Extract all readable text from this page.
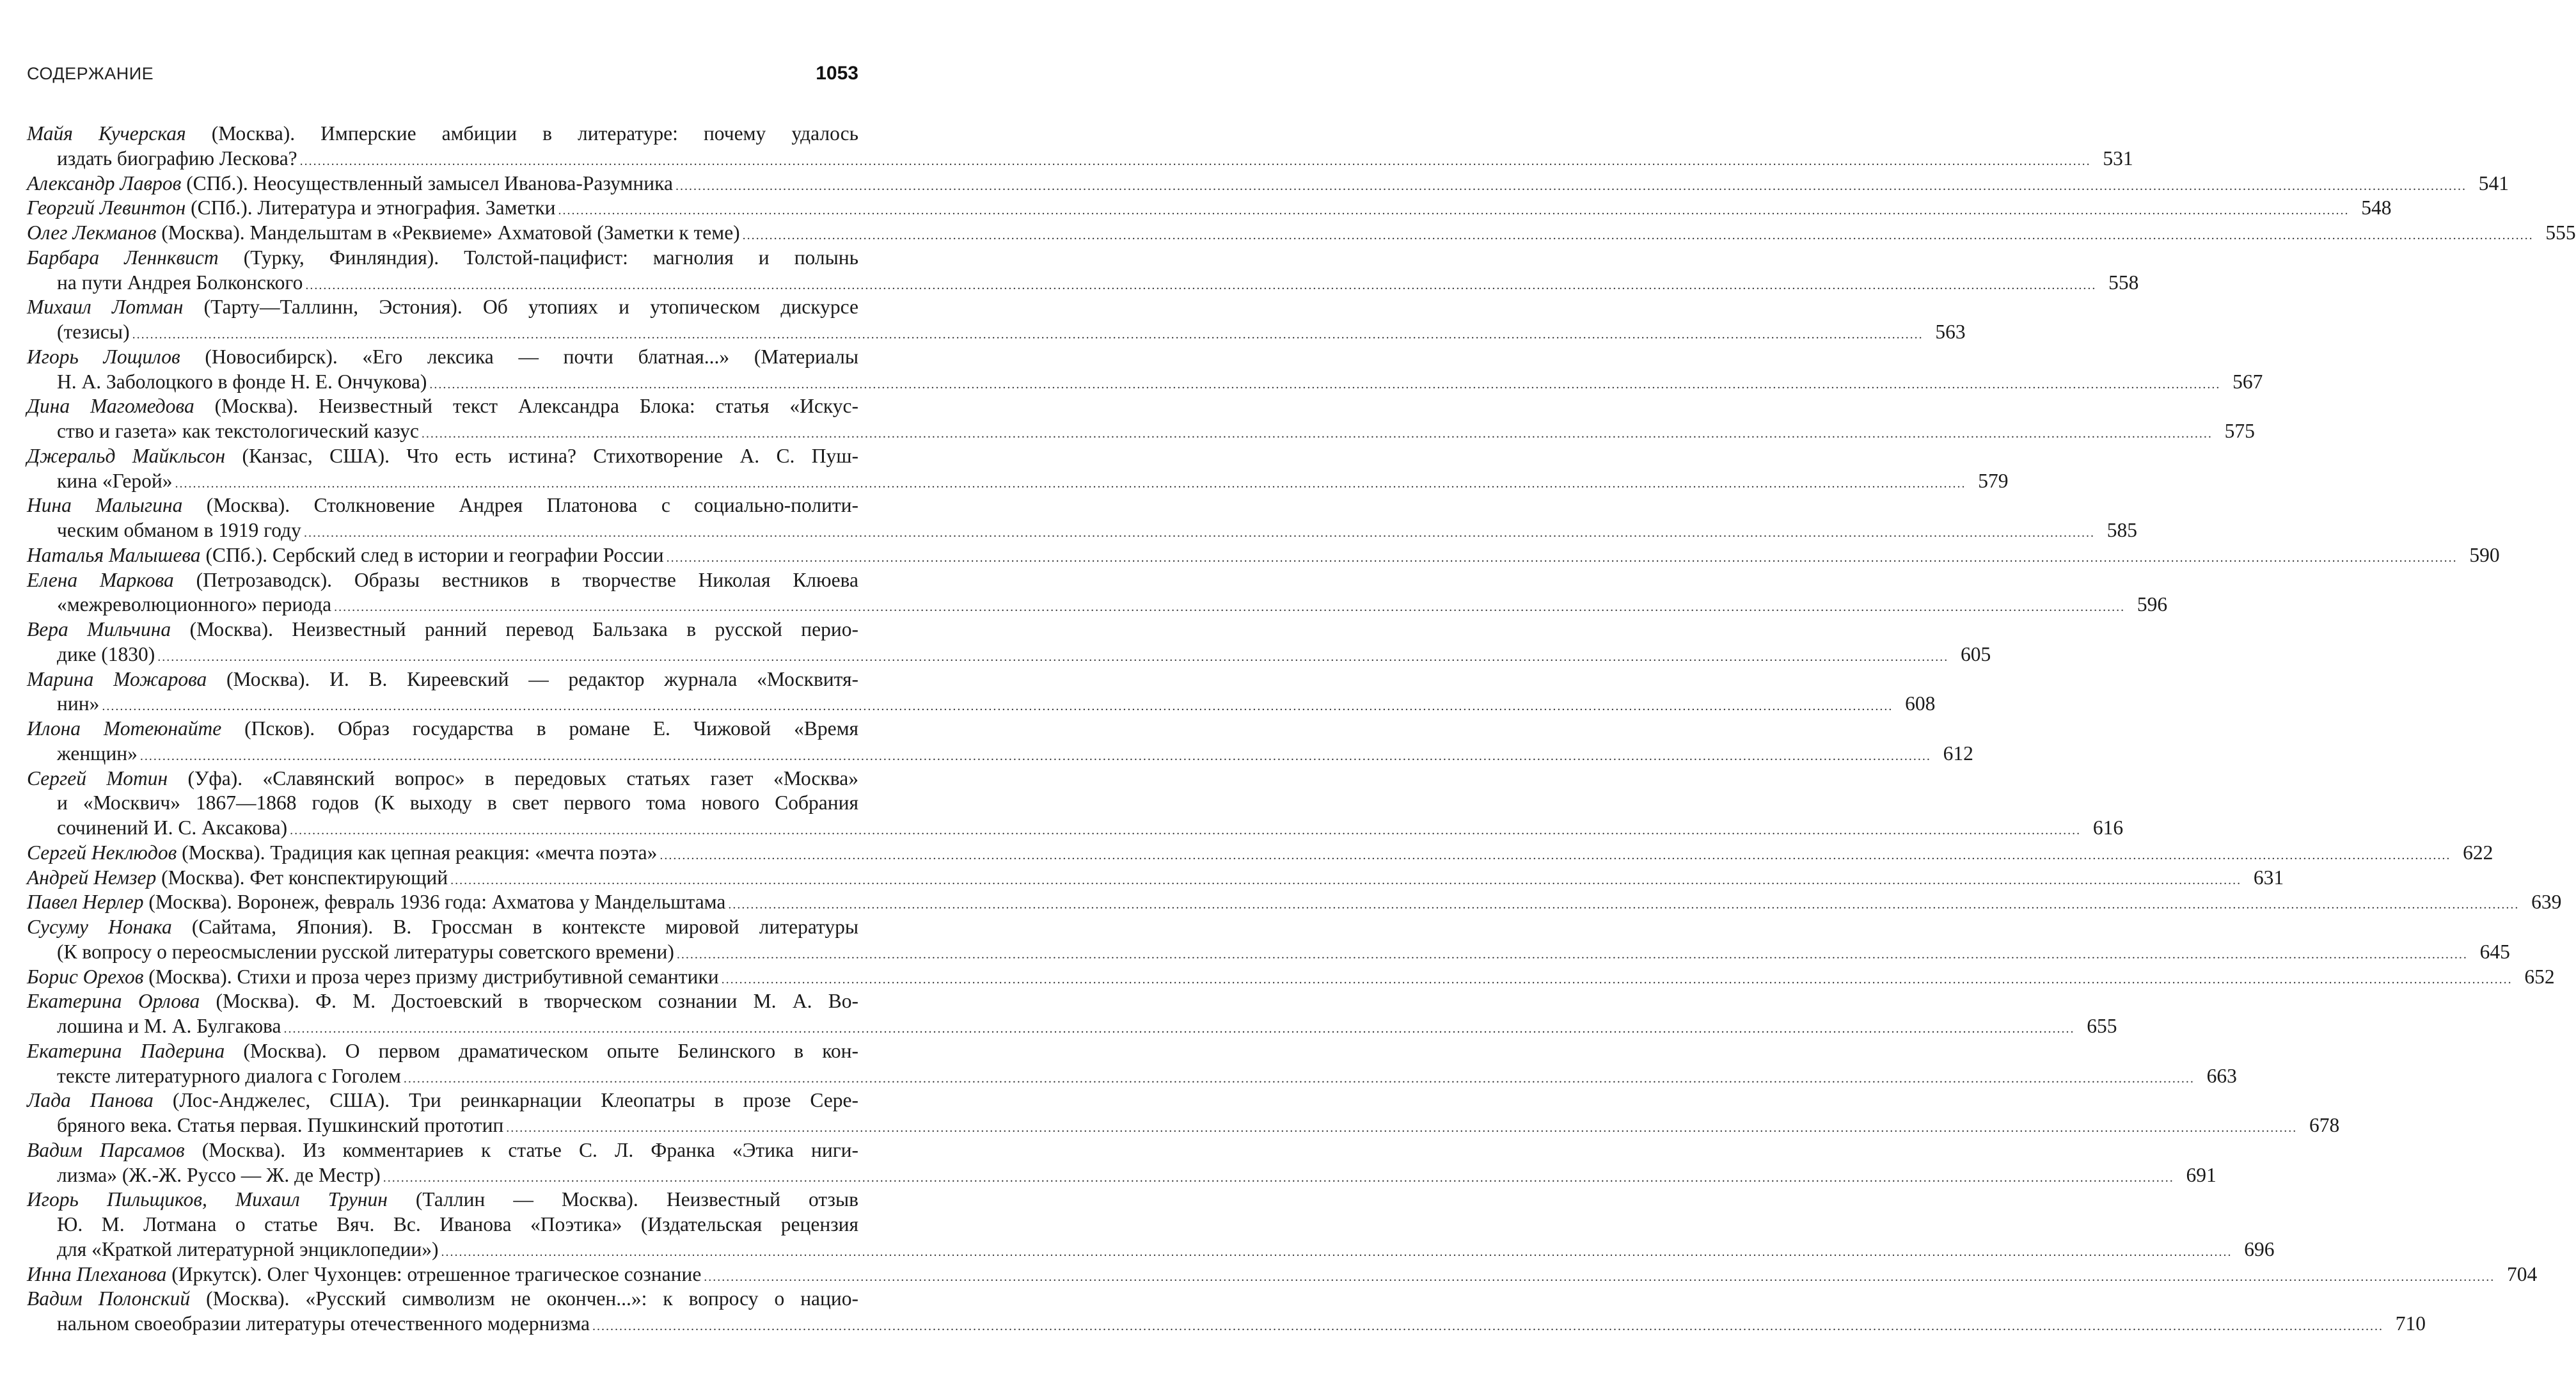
СОДЕРЖАНИЕ	1053
Майя Кучерская (Москва). Имперские амбиции в литературе: почему удалось
издать биографию Лескова? ................................................................................................................................................................................................................................................................................................................................................................................................................ 531
Александр Лавров (СПб.). Неосуществленный замысел Иванова-Разумника ................................................................................................................................................................................................................................................................................................................................................................................................................ 541
Георгий Левинтон (СПб.). Литература и этнография. Заметки ................................................................................................................................................................................................................................................................................................................................................................................................................ 548
Олег Лекманов (Москва). Мандельштам в «Реквиеме» Ахматовой (Заметки к теме) ................................................................................................................................................................................................................................................................................................................................................................................................................ 555
Барбара Леннквист (Турку, Финляндия). Толстой-пацифист: магнолия и полынь
на пути Андрея Болконского ................................................................................................................................................................................................................................................................................................................................................................................................................ 558
Михаил Лотман (Тарту—Таллинн, Эстония). Об утопиях и утопическом дискурсе
(тезисы) ................................................................................................................................................................................................................................................................................................................................................................................................................ 563
Игорь Лощилов (Новосибирск). «Его лексика — почти блатная...» (Материалы
Н. А. Заболоцкого в фонде Н. Е. Ончукова) ................................................................................................................................................................................................................................................................................................................................................................................................................ 567
Дина Магомедова (Москва). Неизвестный текст Александра Блока: статья «Искус-
ство и газета» как текстологический казус ................................................................................................................................................................................................................................................................................................................................................................................................................ 575
Джеральд Майкльсон (Канзас, США). Что есть истина? Стихотворение А. С. Пуш-
кина «Герой» ................................................................................................................................................................................................................................................................................................................................................................................................................ 579
Нина Малыгина (Москва). Столкновение Андрея Платонова с социально-полити-
ческим обманом в 1919 году ................................................................................................................................................................................................................................................................................................................................................................................................................ 585
Наталья Малышева (СПб.). Сербский след в истории и географии России ................................................................................................................................................................................................................................................................................................................................................................................................................ 590
Елена Маркова (Петрозаводск). Образы вестников в творчестве Николая Клюева
«межреволюционного» периода ................................................................................................................................................................................................................................................................................................................................................................................................................ 596
Вера Мильчина (Москва). Неизвестный ранний перевод Бальзака в русской перио-
дике (1830) ................................................................................................................................................................................................................................................................................................................................................................................................................ 605
Марина Можарова (Москва). И. В. Киреевский — редактор журнала «Москвитя-
нин» ................................................................................................................................................................................................................................................................................................................................................................................................................ 608
Илона Мотеюнайте (Псков). Образ государства в романе Е. Чижовой «Время
женщин» ................................................................................................................................................................................................................................................................................................................................................................................................................ 612
Сергей Мотин (Уфа). «Славянский вопрос» в передовых статьях газет «Москва»
и «Москвич» 1867—1868 годов (К выходу в свет первого тома нового Собрания
сочинений И. С. Аксакова) ................................................................................................................................................................................................................................................................................................................................................................................................................ 616
Сергей Неклюдов (Москва). Традиция как цепная реакция: «мечта поэта» ................................................................................................................................................................................................................................................................................................................................................................................................................ 622
Андрей Немзер (Москва). Фет конспектирующий ................................................................................................................................................................................................................................................................................................................................................................................................................ 631
Павел Нерлер (Москва). Воронеж, февраль 1936 года: Ахматова у Мандельштама ................................................................................................................................................................................................................................................................................................................................................................................................................ 639
Сусуму Нонака (Сайтама, Япония). В. Гроссман в контексте мировой литературы
(К вопросу о переосмыслении русской литературы советского времени) ................................................................................................................................................................................................................................................................................................................................................................................................................ 645
Борис Орехов (Москва). Стихи и проза через призму дистрибутивной семантики ................................................................................................................................................................................................................................................................................................................................................................................................................ 652
Екатерина Орлова (Москва). Ф. М. Достоевский в творческом сознании М. А. Во-
лошина и М. А. Булгакова ................................................................................................................................................................................................................................................................................................................................................................................................................ 655
Екатерина Падерина (Москва). О первом драматическом опыте Белинского в кон-
тексте литературного диалога с Гоголем ................................................................................................................................................................................................................................................................................................................................................................................................................ 663
Лада Панова (Лос-Анджелес, США). Три реинкарнации Клеопатры в прозе Сере-
бряного века. Статья первая. Пушкинский прототип ................................................................................................................................................................................................................................................................................................................................................................................................................ 678
Вадим Парсамов (Москва). Из комментариев к статье С. Л. Франка «Этика ниги-
лизма» (Ж.-Ж. Руссо — Ж. де Местр) ................................................................................................................................................................................................................................................................................................................................................................................................................ 691
Игорь Пильщиков, Михаил Трунин (Таллин — Москва). Неизвестный отзыв
Ю. М. Лотмана о статье Вяч. Вс. Иванова «Поэтика» (Издательская рецензия
для «Краткой литературной энциклопедии») ................................................................................................................................................................................................................................................................................................................................................................................................................ 696
Инна Плеханова (Иркутск). Олег Чухонцев: отрешенное трагическое сознание ................................................................................................................................................................................................................................................................................................................................................................................................................ 704
Вадим Полонский (Москва). «Русский символизм не окончен...»: к вопросу о нацио-
нальном своеобразии литературы отечественного модернизма ................................................................................................................................................................................................................................................................................................................................................................................................................ 710
